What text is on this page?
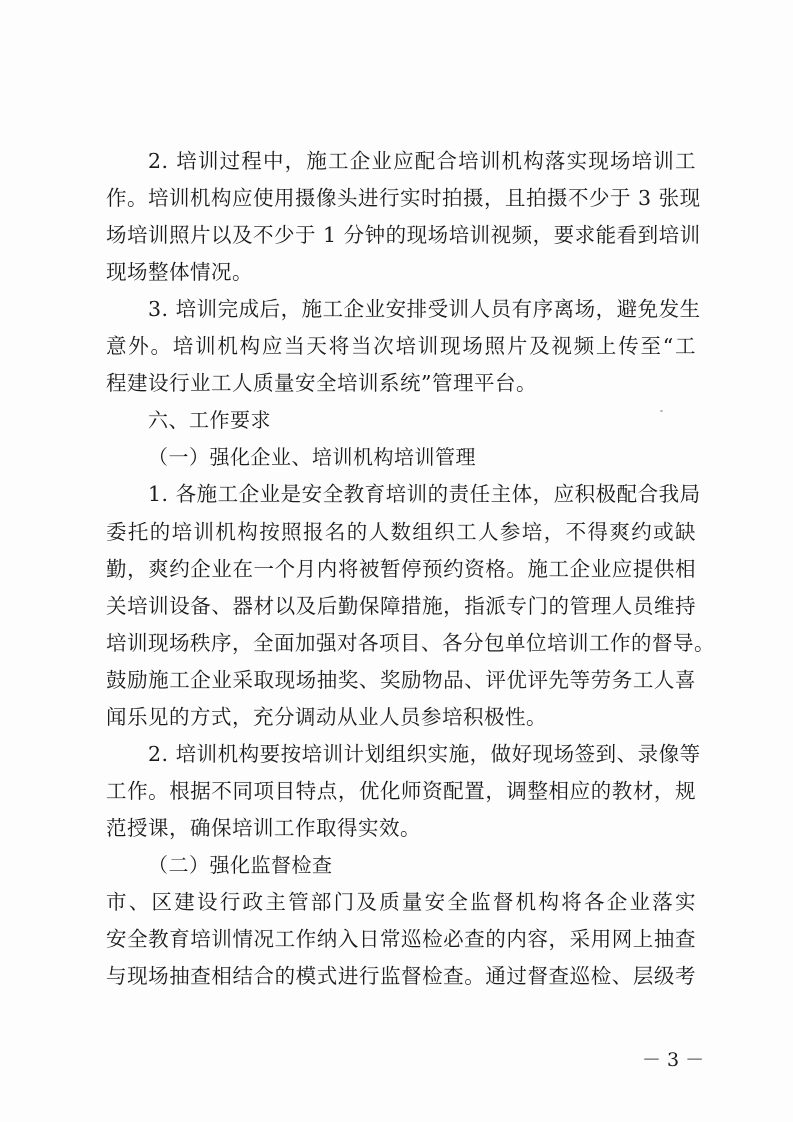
－ 3 －
2. 培训过程中，施工企业应配合培训机构落实现场培训工
作。培训机构应使用摄像头进行实时拍摄，且拍摄不少于 3 张现
场培训照片以及不少于 1 分钟的现场培训视频，要求能看到培训
现场整体情况。
3. 培训完成后，施工企业安排受训人员有序离场，避免发生
意外。培训机构应当天将当次培训现场照片及视频上传至“工
程建设行业工人质量安全培训系统”管理平台。
六、工作要求
（一）强化企业、培训机构培训管理
1. 各施工企业是安全教育培训的责任主体，应积极配合我局
委托的培训机构按照报名的人数组织工人参培，不得爽约或缺
勤，爽约企业在一个月内将被暂停预约资格。施工企业应提供相
关培训设备、器材以及后勤保障措施，指派专门的管理人员维持
培训现场秩序，全面加强对各项目、各分包单位培训工作的督导。
鼓励施工企业采取现场抽奖、奖励物品、评优评先等劳务工人喜
闻乐见的方式，充分调动从业人员参培积极性。
2. 培训机构要按培训计划组织实施，做好现场签到、录像等
工作。根据不同项目特点，优化师资配置，调整相应的教材，规
范授课，确保培训工作取得实效。
（二）强化监督检查
市、区建设行政主管部门及质量安全监督机构将各企业落实
安全教育培训情况工作纳入日常巡检必查的内容，采用网上抽查
与现场抽查相结合的模式进行监督检查。通过督查巡检、层级考
